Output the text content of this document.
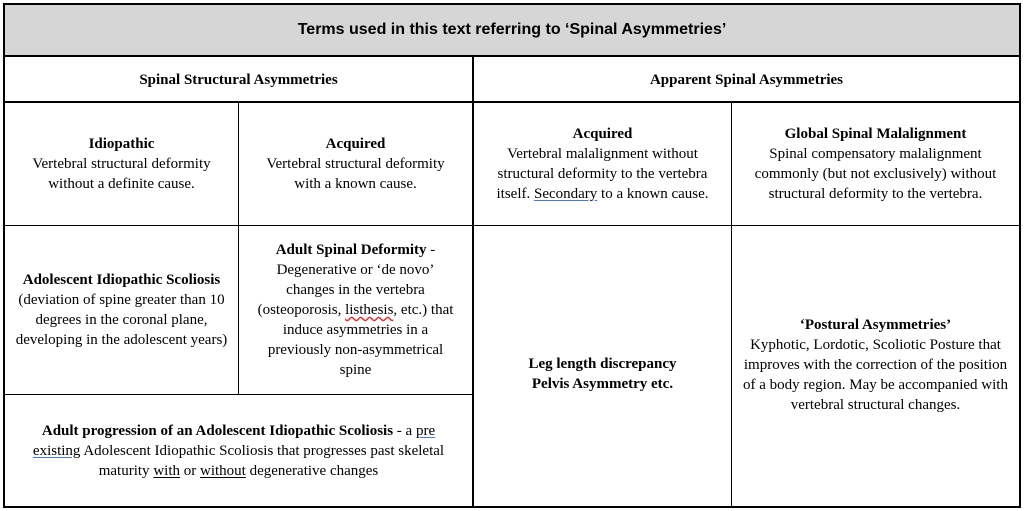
Terms used in this text referring to ‘Spinal Asymmetries’

Spinal Structural Asymmetries	Apparent Spinal Asymmetries

Idiopathic

Vertebral structural deformity without a definite cause.

Acquired

Vertebral structural deformity with a known cause.

Acquired

Vertebral malalignment without structural deformity to the vertebra itself. Secondary to a known cause.

Global Spinal Malalignment

Spinal compensatory malalignment commonly (but not exclusively) without structural deformity to the vertebra.

Adolescent Idiopathic Scoliosis

(deviation of spine greater than 10 degrees in the coronal plane, developing in the adolescent years)

Adult Spinal Deformity - Degenerative or ‘de novo’ changes in the vertebra (osteoporosis, listhesis, etc.) that induce asymmetries in a previously non-asymmetrical spine

Adult progression of an Adolescent Idiopathic Scoliosis - a pre existing Adolescent Idiopathic Scoliosis that progresses past skeletal maturity with or without degenerative changes

Leg length discrepancy

Pelvis Asymmetry etc.

‘Postural Asymmetries’

Kyphotic, Lordotic, Scoliotic Posture that improves with the correction of the position of a body region. May be accompanied with vertebral structural changes.
